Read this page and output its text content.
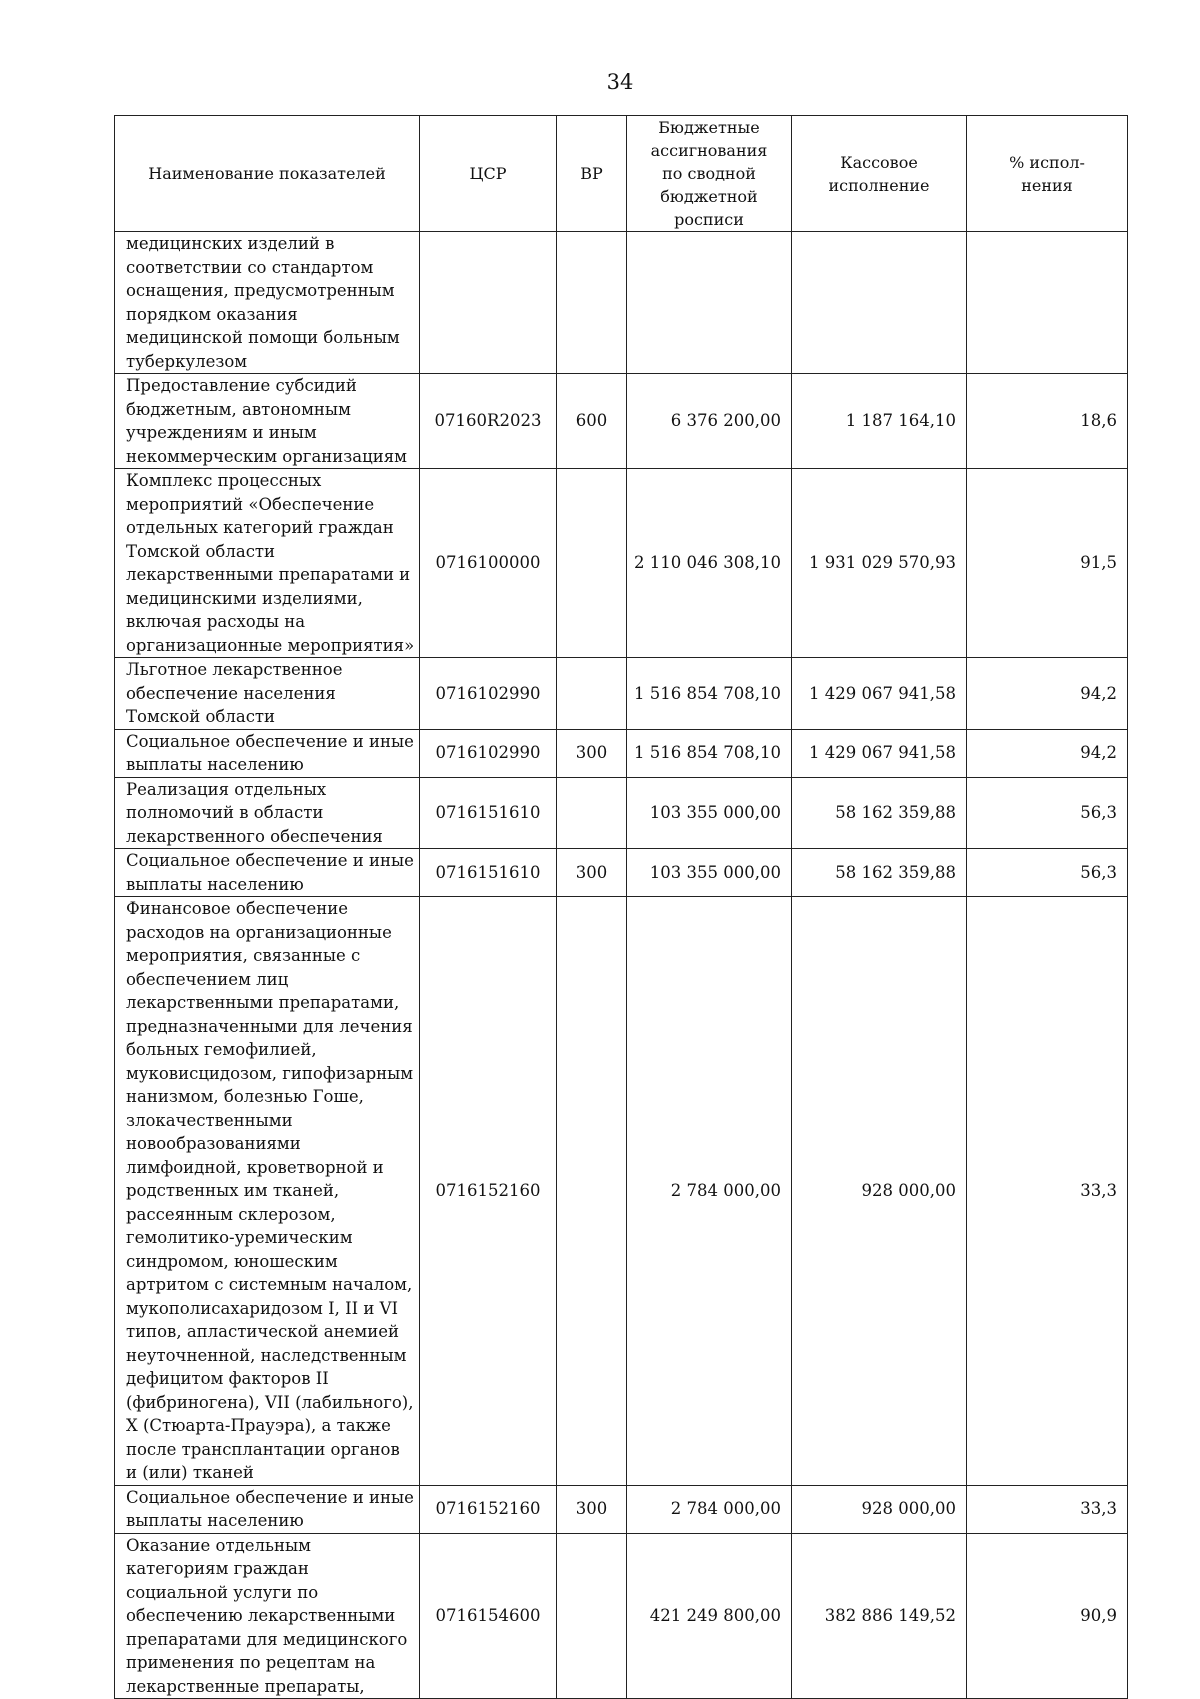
34
Наименование показателей	ЦСР	ВР	Бюджетные ассигнования по сводной бюджетной росписи	Кассовое исполнение	% испол-нения
медицинских изделий в соответствии со стандартом оснащения, предусмотренным порядком оказания медицинской помощи больным туберкулезом					
Предоставление субсидий бюджетным, автономным учреждениям и иным некоммерческим организациям	07160R2023	600	6 376 200,00	1 187 164,10	18,6
Комплекс процессных мероприятий «Обеспечение отдельных категорий граждан Томской области лекарственными препаратами и медицинскими изделиями, включая расходы на организационные мероприятия»	0716100000		2 110 046 308,10	1 931 029 570,93	91,5
Льготное лекарственное обеспечение населения Томской области	0716102990		1 516 854 708,10	1 429 067 941,58	94,2
Социальное обеспечение и иные выплаты населению	0716102990	300	1 516 854 708,10	1 429 067 941,58	94,2
Реализация отдельных полномочий в области лекарственного обеспечения	0716151610		103 355 000,00	58 162 359,88	56,3
Социальное обеспечение и иные выплаты населению	0716151610	300	103 355 000,00	58 162 359,88	56,3
Финансовое обеспечение расходов на организационные мероприятия, связанные с обеспечением лиц лекарственными препаратами, предназначенными для лечения больных гемофилией, муковисцидозом, гипофизарным нанизмом, болезнью Гоше, злокачественными новообразованиями лимфоидной, кроветворной и родственных им тканей, рассеянным склерозом, гемолитико-уремическим синдромом, юношеским артритом с системным началом, мукополисахаридозом I, II и VI типов, апластической анемией неуточненной, наследственным дефицитом факторов II (фибриногена), VII (лабильного), X (Стюарта-Прауэра), а также после трансплантации органов и (или) тканей	0716152160		2 784 000,00	928 000,00	33,3
Социальное обеспечение и иные выплаты населению	0716152160	300	2 784 000,00	928 000,00	33,3
Оказание отдельным категориям граждан социальной услуги по обеспечению лекарственными препаратами для медицинского применения по рецептам на лекарственные препараты,	0716154600		421 249 800,00	382 886 149,52	90,9
